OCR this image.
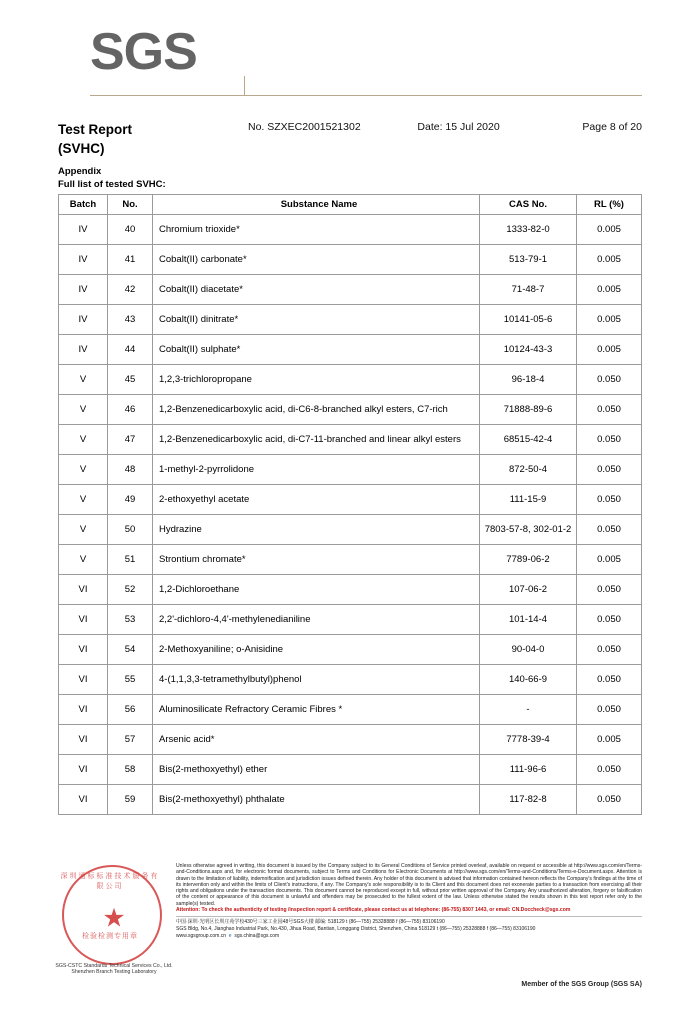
SGS
Test Report
(SVHC)
No. SZXEC2001521302	Date: 15 Jul 2020	Page 8 of 20
Appendix
Full list of tested SVHC:
Batch	No.	Substance Name	CAS No.	RL (%)
IV	40	Chromium trioxide*	1333-82-0	0.005
IV	41	Cobalt(II) carbonate*	513-79-1	0.005
IV	42	Cobalt(II) diacetate*	71-48-7	0.005
IV	43	Cobalt(II) dinitrate*	10141-05-6	0.005
IV	44	Cobalt(II) sulphate*	10124-43-3	0.005
V	45	1,2,3-trichloropropane	96-18-4	0.050
V	46	1,2-Benzenedicarboxylic acid, di-C6-8-branched alkyl esters, C7-rich	71888-89-6	0.050
V	47	1,2-Benzenedicarboxylic acid, di-C7-11-branched and linear alkyl esters	68515-42-4	0.050
V	48	1-methyl-2-pyrrolidone	872-50-4	0.050
V	49	2-ethoxyethyl acetate	111-15-9	0.050
V	50	Hydrazine	7803-57-8, 302-01-2	0.050
V	51	Strontium chromate*	7789-06-2	0.005
VI	52	1,2-Dichloroethane	107-06-2	0.050
VI	53	2,2'-dichloro-4,4'-methylenedianiline	101-14-4	0.050
VI	54	2-Methoxyaniline; o-Anisidine	90-04-0	0.050
VI	55	4-(1,1,3,3-tetramethylbutyl)phenol	140-66-9	0.050
VI	56	Aluminosilicate Refractory Ceramic Fibres *	-	0.050
VI	57	Arsenic acid*	7778-39-4	0.005
VI	58	Bis(2-methoxyethyl) ether	111-96-6	0.050
VI	59	Bis(2-methoxyethyl) phthalate	117-82-8	0.050
深圳通标标准技术服务有限公司
★
检验检测专用章
SGS-CSTC Standards Technical Services Co., Ltd. Shenzhen Branch Testing Laboratory
Unless otherwise agreed in writing, this document is issued by the Company subject to its General Conditions of Service printed overleaf, available on request or accessible at http://www.sgs.com/en/Terms-and-Conditions.aspx and, for electronic format documents, subject to Terms and Conditions for Electronic Documents at http://www.sgs.com/en/Terms-and-Conditions/Terms-e-Document.aspx. Attention is drawn to the limitation of liability, indemnification and jurisdiction issues defined therein. Any holder of this document is advised that information contained hereon reflects the Company's findings at the time of its intervention only and within the limits of Client's instructions, if any. The Company's sole responsibility is to its Client and this document does not exonerate parties to a transaction from exercising all their rights and obligations under the transaction documents. This document cannot be reproduced except in full, without prior written approval of the Company. Any unauthorized alteration, forgery or falsification of the content or appearance of this document is unlawful and offenders may be prosecuted to the fullest extent of the law. Unless otherwise stated the results shown in this test report refer only to the sample(s) tested.
Attention: To check the authenticity of testing /inspection report & certificate, please contact us at telephone: (86-755) 8307 1443, or email: CN.Doccheck@sgs.com
中国·深圳·光明区长圳庄苑学校430号三家工业园48号SGS大楼 邮编: 518129 t (86—755) 25328888 f (86—755) 83106190
SGS Bldg, No.4, Jianghao Industrial Park, No.430, Jihua Road, Bantian, Longgang District, Shenzhen, China 518129 t (86—755) 25328888 f (86—755) 83106190
www.sgsgroup.com.cn  e  sgs.china@sgs.com
Member of the SGS Group (SGS SA)
